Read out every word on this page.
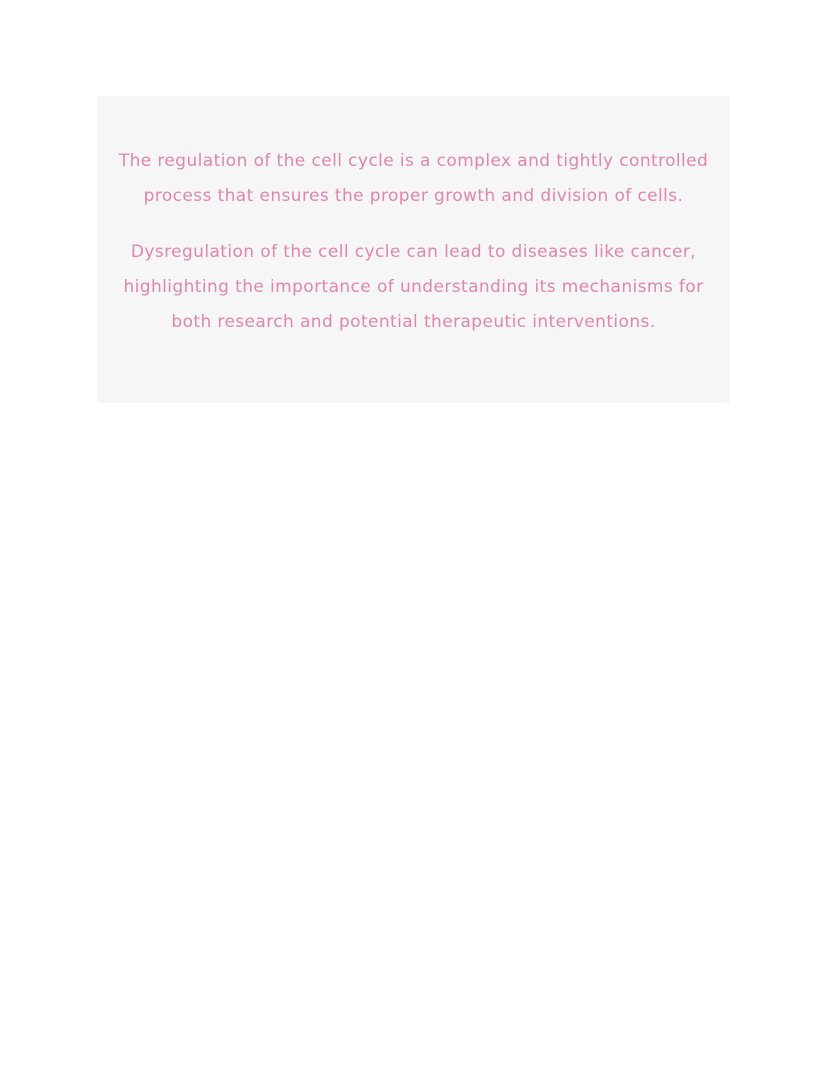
The regulation of the cell cycle is a complex and tightly controlled process that ensures the proper growth and division of cells.

Dysregulation of the cell cycle can lead to diseases like cancer, highlighting the importance of understanding its mechanisms for both research and potential therapeutic interventions.
